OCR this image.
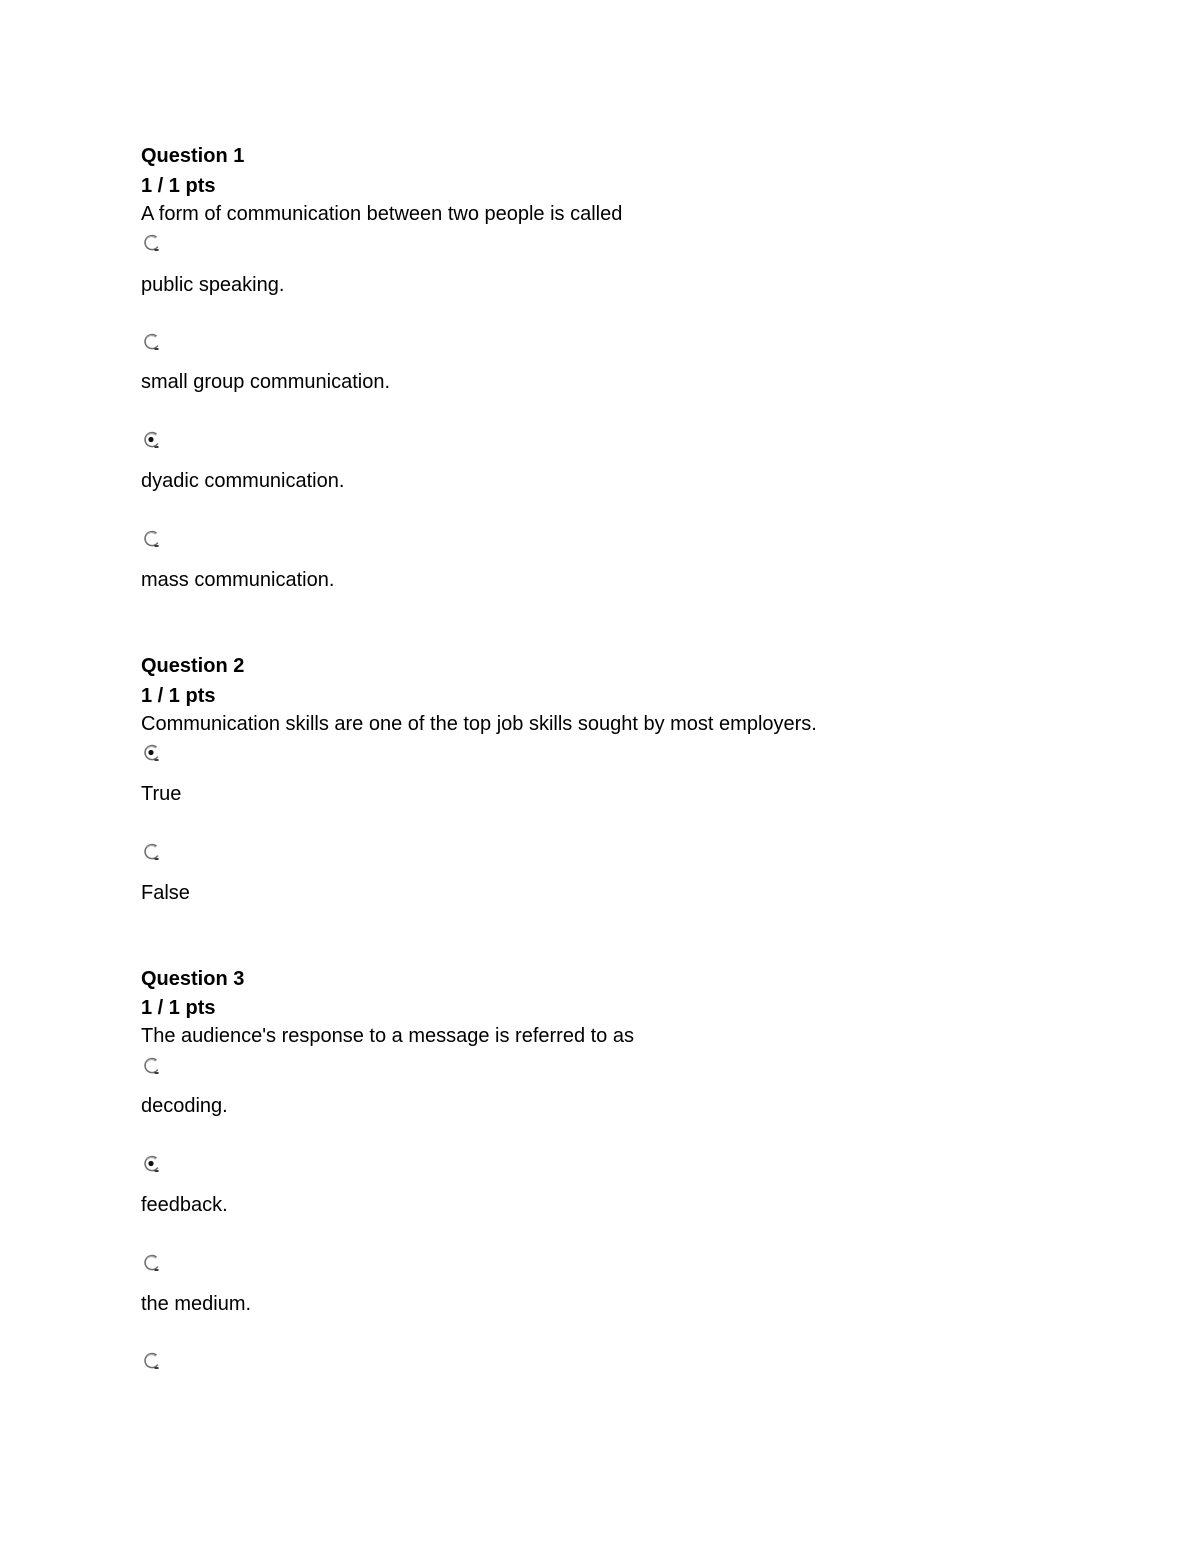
Question 1
1 / 1 pts
A form of communication between two people is called
public speaking.
small group communication.
dyadic communication.
mass communication.
Question 2
1 / 1 pts
Communication skills are one of the top job skills sought by most employers.
True
False
Question 3
1 / 1 pts
The audience's response to a message is referred to as
decoding.
feedback.
the medium.
